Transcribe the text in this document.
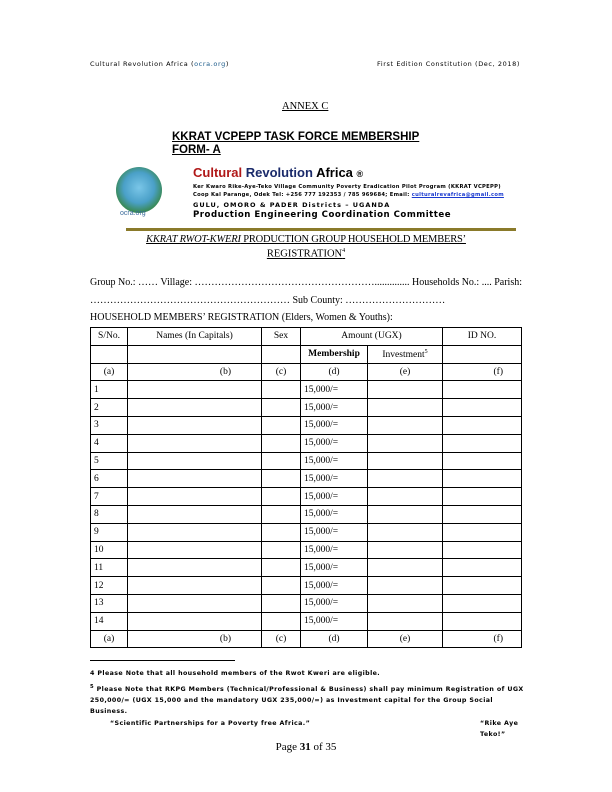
Cultural Revolution Africa (ocra.org)	First Edition Constitution (Dec, 2018)
ANNEX C
KKRAT VCPEPP TASK FORCE MEMBERSHIP
FORM- A
ocra.org
Cultural Revolution Africa ®
Ker Kwaro Rike-Aye-Teko Village Community Poverty Eradication Pilot Program (KKRAT VCPEPP)
Coop Kal Parange, Odek Tel: +256 777 192353 / 785 969684; Email: culturalrevafrica@gmail.com
GULU, OMORO & PADER Districts – UGANDA
Production Engineering Coordination Committee
KKRAT RWOT-KWERI PRODUCTION GROUP HOUSEHOLD MEMBERS’
REGISTRATION$^4$
Group No.: …… Village: ……………………………………………….............. Households No.: .... Parish:
…………………………………………………… Sub County: …………………………
HOUSEHOLD MEMBERS’ REGISTRATION (Elders, Women & Youths):
S/No.	Names (In Capitals)	Sex	Amount (UGX)		ID NO.
			Membership	Investment$^5$	
(a)	(b)	(c)	(d)	(e)	(f)
1			15,000/=		
2			15,000/=		
3			15,000/=		
4			15,000/=		
5			15,000/=		
6			15,000/=		
7			15,000/=		
8			15,000/=		
9			15,000/=		
10			15,000/=		
11			15,000/=		
12			15,000/=		
13			15,000/=		
14			15,000/=		
(a)	(b)	(c)	(d)	(e)	(f)
4 Please Note that all household members of the Rwot Kweri are eligible.
$^5$ Please Note that RKPG Members (Technical/Professional & Business) shall pay minimum Registration of UGX 250,000/= (UGX 15,000 and the mandatory UGX 235,000/=) as Investment capital for the Group Social Business.
“Scientific Partnerships for a Poverty free Africa.”	“Rike Aye Teko!”
Page 31 of 35
